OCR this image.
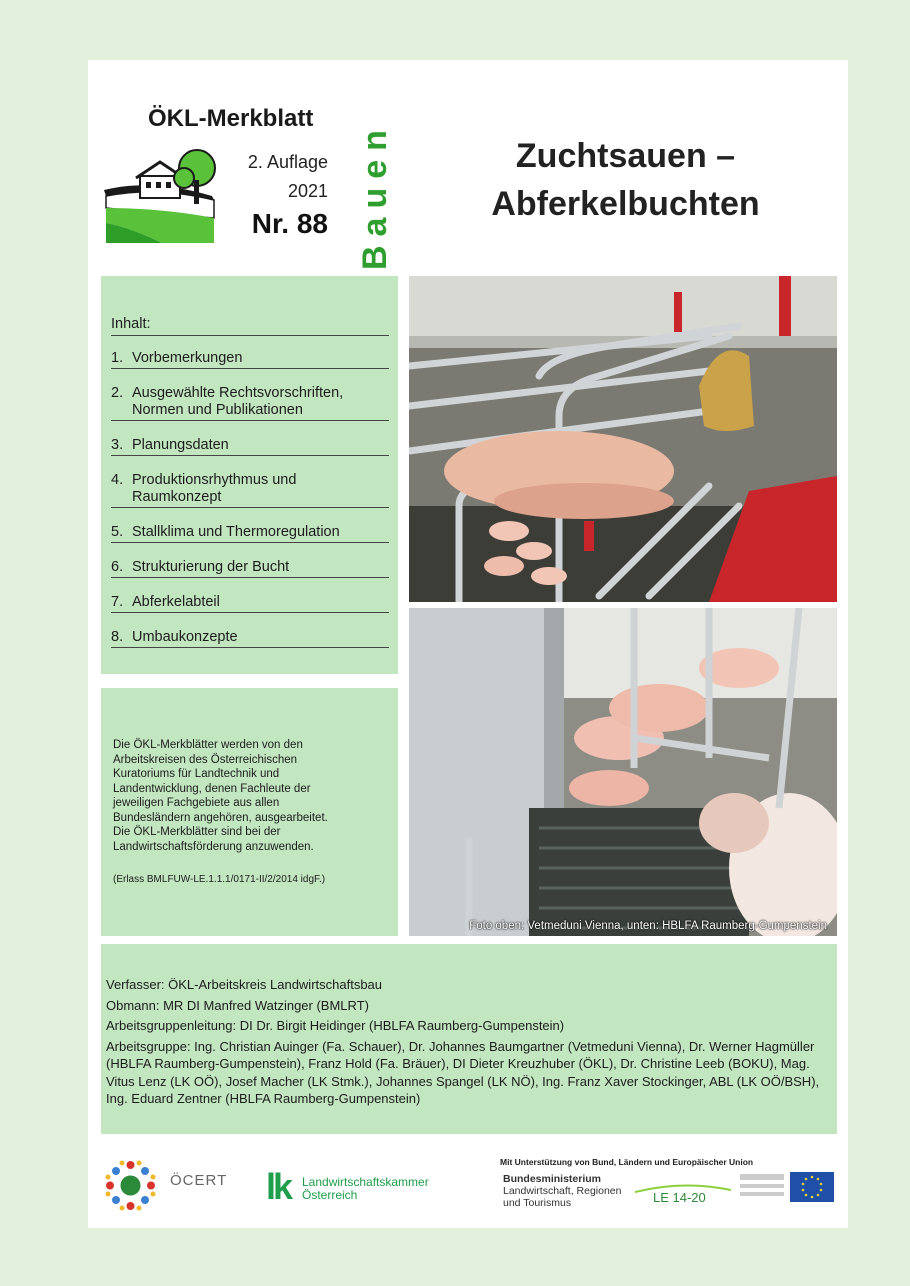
ÖKL-Merkblatt
2. Auflage
2021
Nr. 88 Bauen	Zuchtsauen –
Abferkelbuchten
Inhalt:
1. Vorbemerkungen
2. Ausgewählte Rechtsvorschriften, Normen und Publikationen
3. Planungsdaten
4. Produktionsrhythmus und Raumkonzept
5. Stallklima und Thermoregulation
6. Strukturierung der Bucht
7. Abferkelabteil
8. Umbaukonzepte
Die ÖKL-Merkblätter werden von den Arbeitskreisen des Österreichischen Kuratoriums für Landtechnik und Landentwicklung, denen Fachleute der jeweiligen Fachgebiete aus allen Bundesländern angehören, ausgearbeitet. Die ÖKL-Merkblätter sind bei der Landwirtschaftsförderung anzuwenden.
(Erlass BMLFUW-LE.1.1.1/0171-II/2/2014 idgF.)
Foto oben: Vetmeduni Vienna, unten: HBLFA Raumberg-Gumpenstein
Verfasser: ÖKL-Arbeitskreis Landwirtschaftsbau
Obmann: MR DI Manfred Watzinger (BMLRT)
Arbeitsgruppenleitung: DI Dr. Birgit Heidinger (HBLFA Raumberg-Gumpenstein)
Arbeitsgruppe: Ing. Christian Auinger (Fa. Schauer), Dr. Johannes Baumgartner (Vetmeduni Vienna), Dr. Werner Hagmüller (HBLFA Raumberg-Gumpenstein), Franz Hold (Fa. Bräuer), DI Dieter Kreuzhuber (ÖKL), Dr. Christine Leeb (BOKU), Mag. Vitus Lenz (LK OÖ), Josef Macher (LK Stmk.), Johannes Spangel (LK NÖ), Ing. Franz Xaver Stockinger, ABL (LK OÖ/BSH), Ing. Eduard Zentner (HBLFA Raumberg-Gumpenstein)
ÖCERT lk Landwirtschaftskammer
Österreich
Mit Unterstützung von Bund, Ländern und Europäischer Union
Bundesministerium
Landwirtschaft, Regionen und Tourismus	LE 14-20
